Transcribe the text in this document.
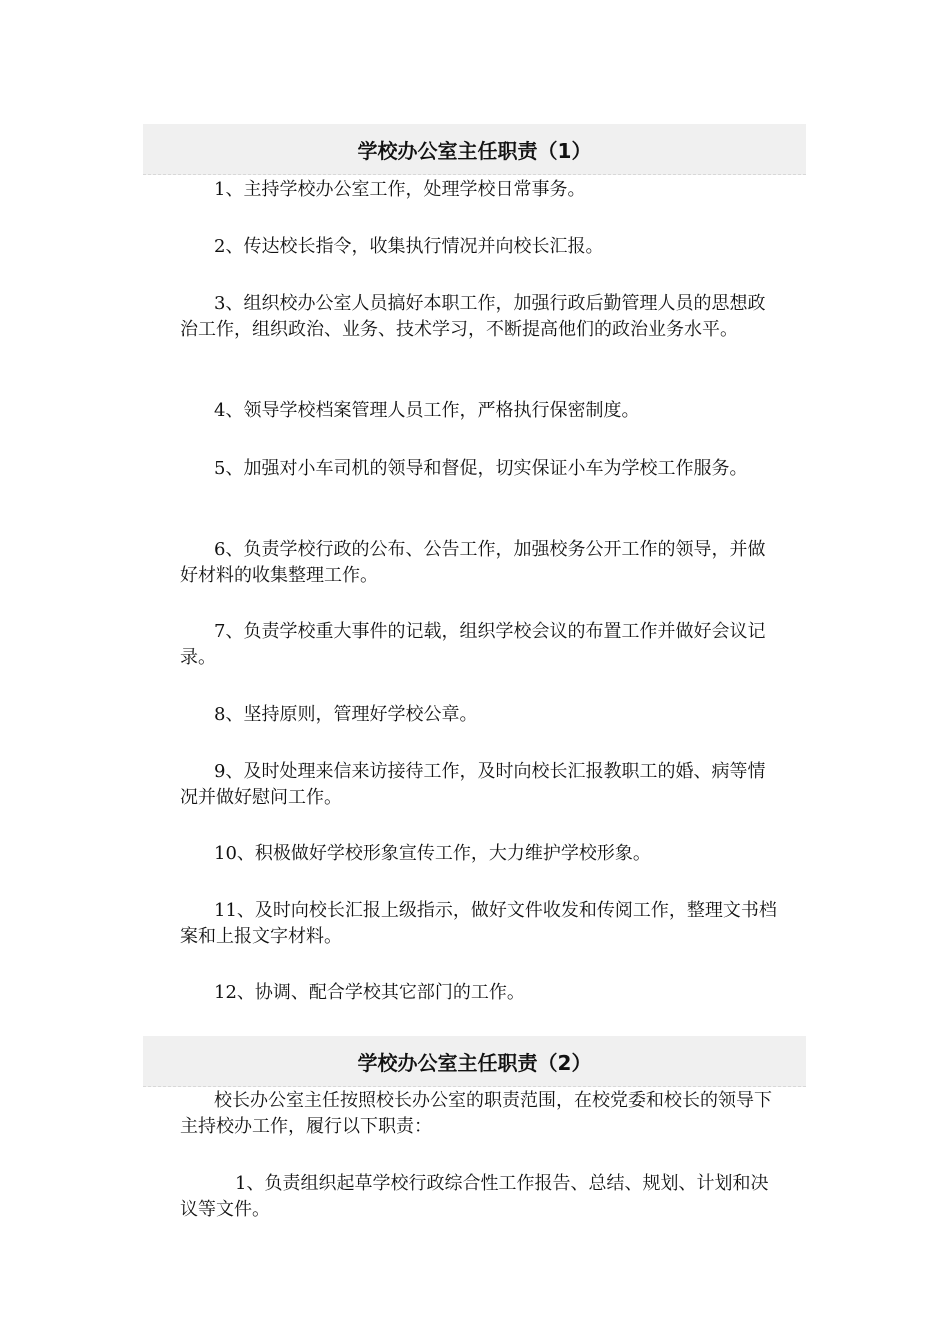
学校办公室主任职责（1）

1、主持学校办公室工作，处理学校日常事务。

2、传达校长指令，收集执行情况并向校长汇报。

3、组织校办公室人员搞好本职工作，加强行政后勤管理人员的思想政治工作，组织政治、业务、技术学习，不断提高他们的政治业务水平。

4、领导学校档案管理人员工作，严格执行保密制度。

5、加强对小车司机的领导和督促，切实保证小车为学校工作服务。

6、负责学校行政的公布、公告工作，加强校务公开工作的领导，并做好材料的收集整理工作。

7、负责学校重大事件的记载，组织学校会议的布置工作并做好会议记录。

8、坚持原则，管理好学校公章。

9、及时处理来信来访接待工作，及时向校长汇报教职工的婚、病等情况并做好慰问工作。

10、积极做好学校形象宣传工作，大力维护学校形象。

11、及时向校长汇报上级指示，做好文件收发和传阅工作，整理文书档案和上报文字材料。

12、协调、配合学校其它部门的工作。

学校办公室主任职责（2）

校长办公室主任按照校长办公室的职责范围，在校党委和校长的领导下主持校办工作，履行以下职责：

1、负责组织起草学校行政综合性工作报告、总结、规划、计划和决议等文件。
